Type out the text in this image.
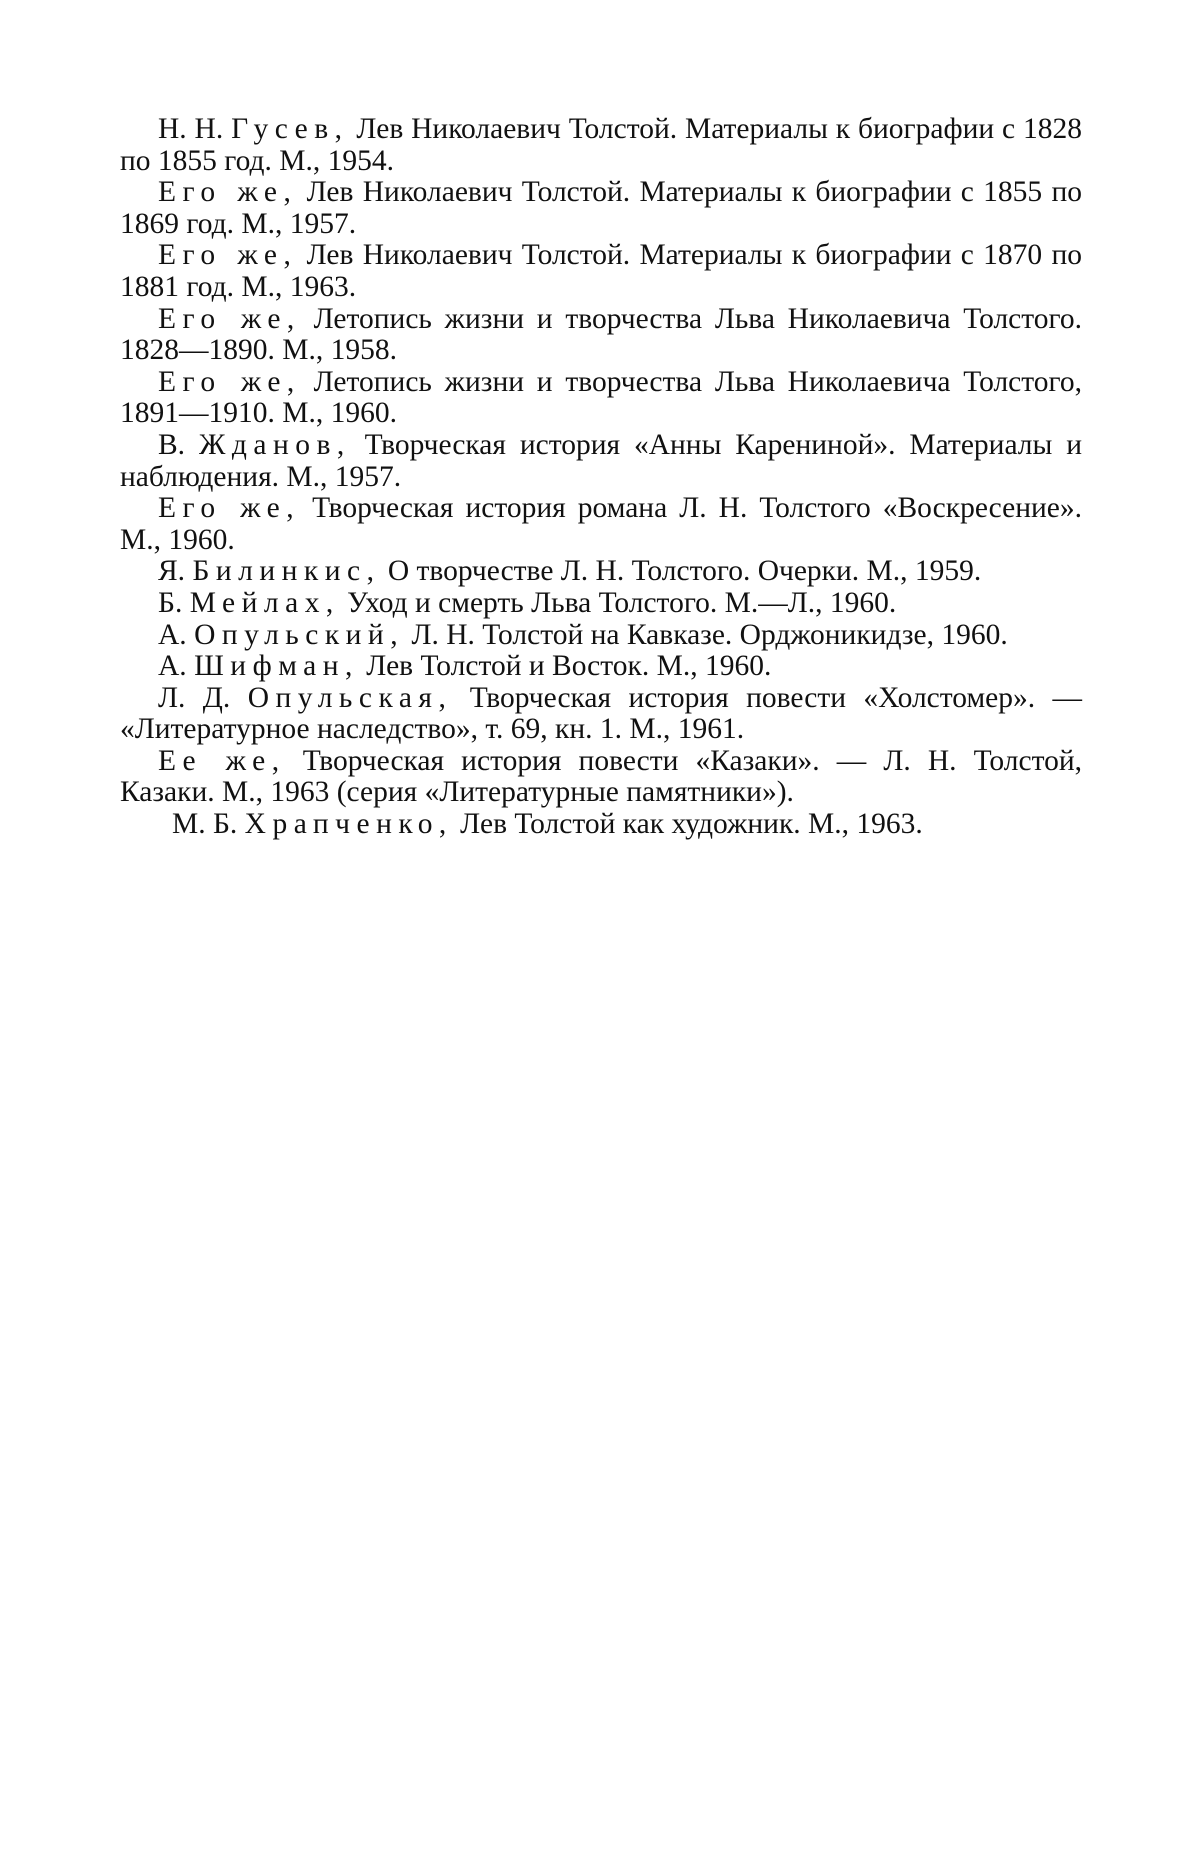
Н. Н. Гусев, Лев Николаевич Толстой. Материалы к биографии с 1828 по 1855 год. М., 1954.

Его же, Лев Николаевич Толстой. Материалы к биографии с 1855 по 1869 год. М., 1957.

Его же, Лев Николаевич Толстой. Материалы к биографии с 1870 по 1881 год. М., 1963.

Его же, Летопись жизни и творчества Льва Николаевича Толстого. 1828—1890. М., 1958.

Его же, Летопись жизни и творчества Льва Николаевича Толстого, 1891—1910. М., 1960.

В. Жданов, Творческая история «Анны Карениной». Материалы и наблюдения. М., 1957.

Его же, Творческая история романа Л. Н. Толстого «Воскресение». М., 1960.

Я. Билинкис, О творчестве Л. Н. Толстого. Очерки. М., 1959.

Б. Мейлах, Уход и смерть Льва Толстого. М.—Л., 1960.

А. Опульский, Л. Н. Толстой на Кавказе. Орджоникидзе, 1960.

А. Шифман, Лев Толстой и Восток. М., 1960.

Л. Д. Опульская, Творческая история повести «Холстомер». — «Литературное наследство», т. 69, кн. 1. М., 1961.

Ее же, Творческая история повести «Казаки». — Л. Н. Толстой, Казаки. М., 1963 (серия «Литературные памятники»).

М. Б. Храпченко, Лев Толстой как художник. М., 1963.
